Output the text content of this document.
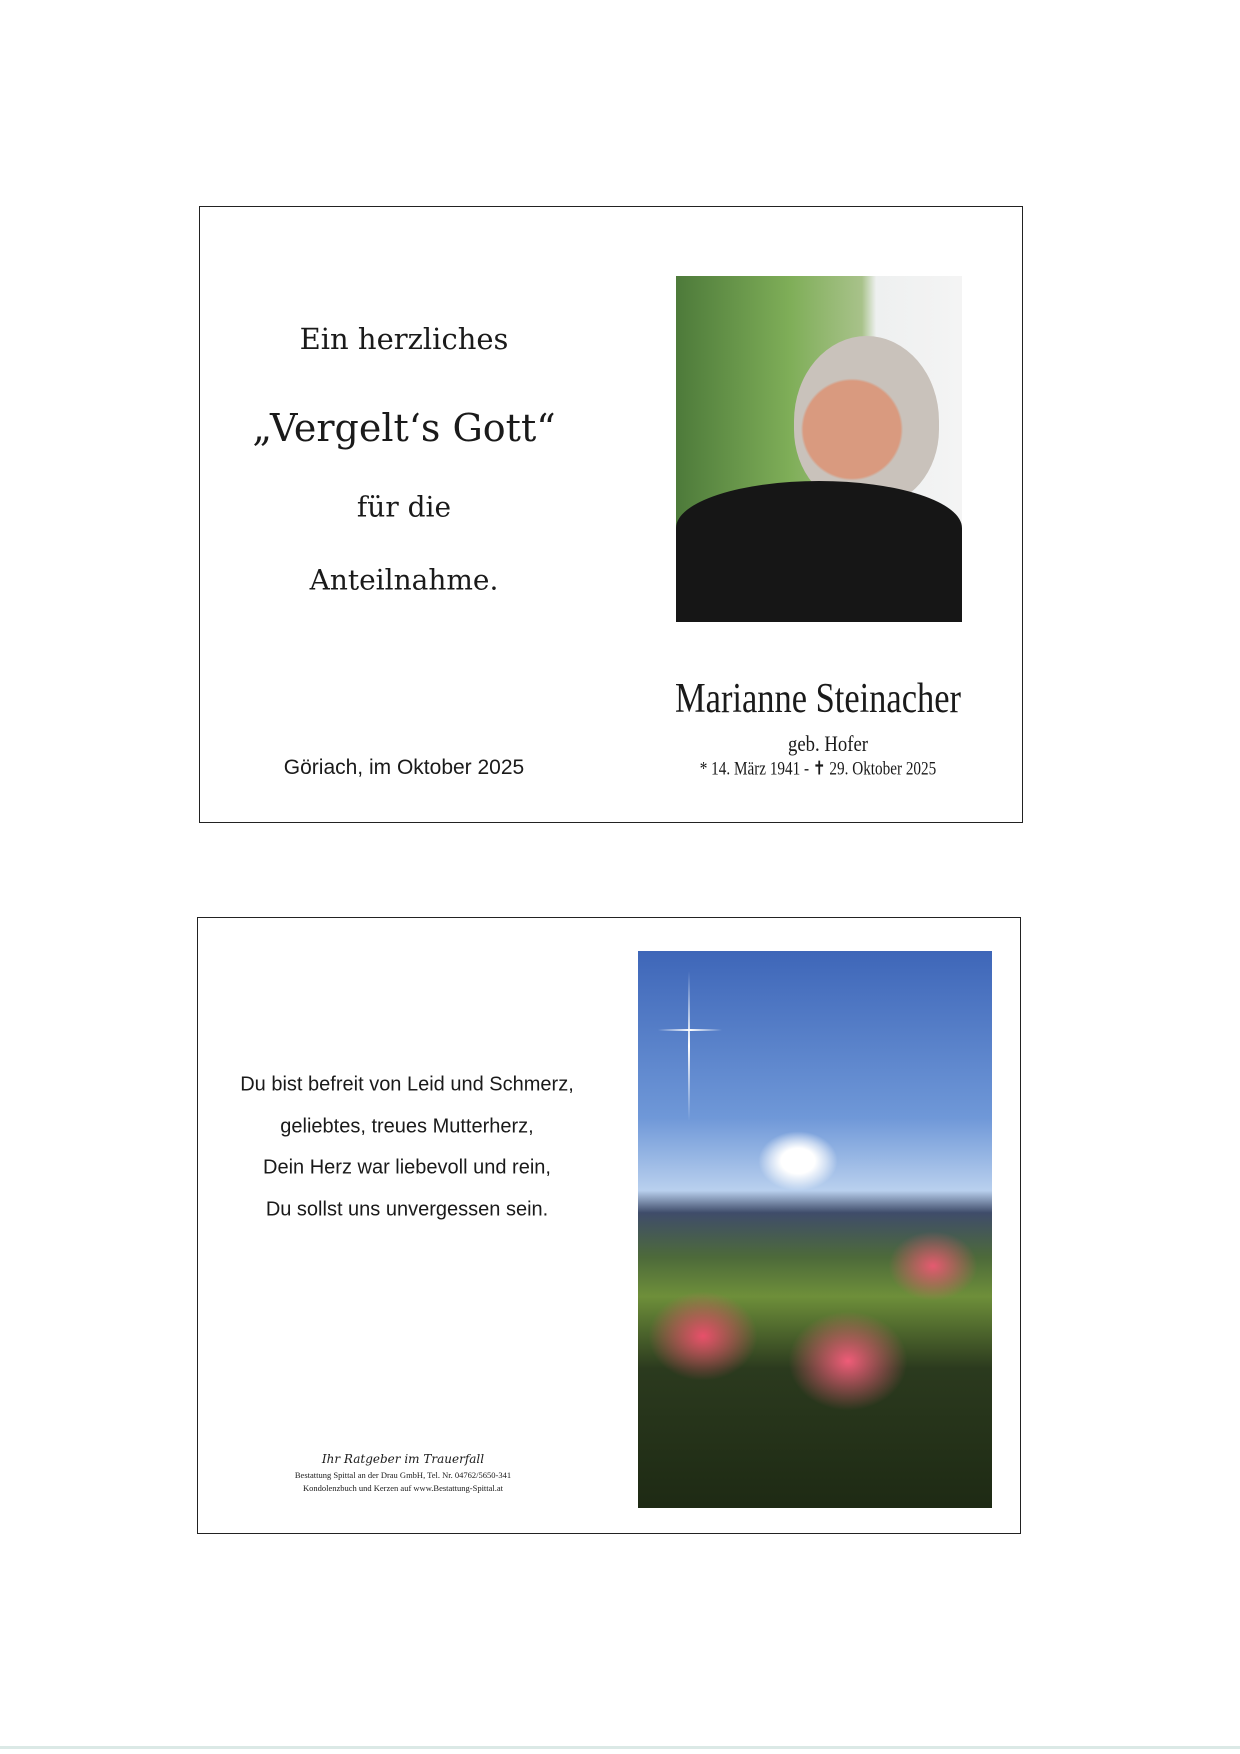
Ein herzliches
„Vergelt‘s Gott“
für die
Anteilnahme.
Göriach, im Oktober 2025
Marianne Steinacher
geb. Hofer
* 14. März 1941 - ✝ 29. Oktober 2025
Du bist befreit von Leid und Schmerz,
geliebtes, treues Mutterherz,
Dein Herz war liebevoll und rein,
Du sollst uns unvergessen sein.
Ihr Ratgeber im Trauerfall
Bestattung Spittal an der Drau GmbH, Tel. Nr. 04762/5650-341
Kondolenzbuch und Kerzen auf www.Bestattung-Spittal.at
